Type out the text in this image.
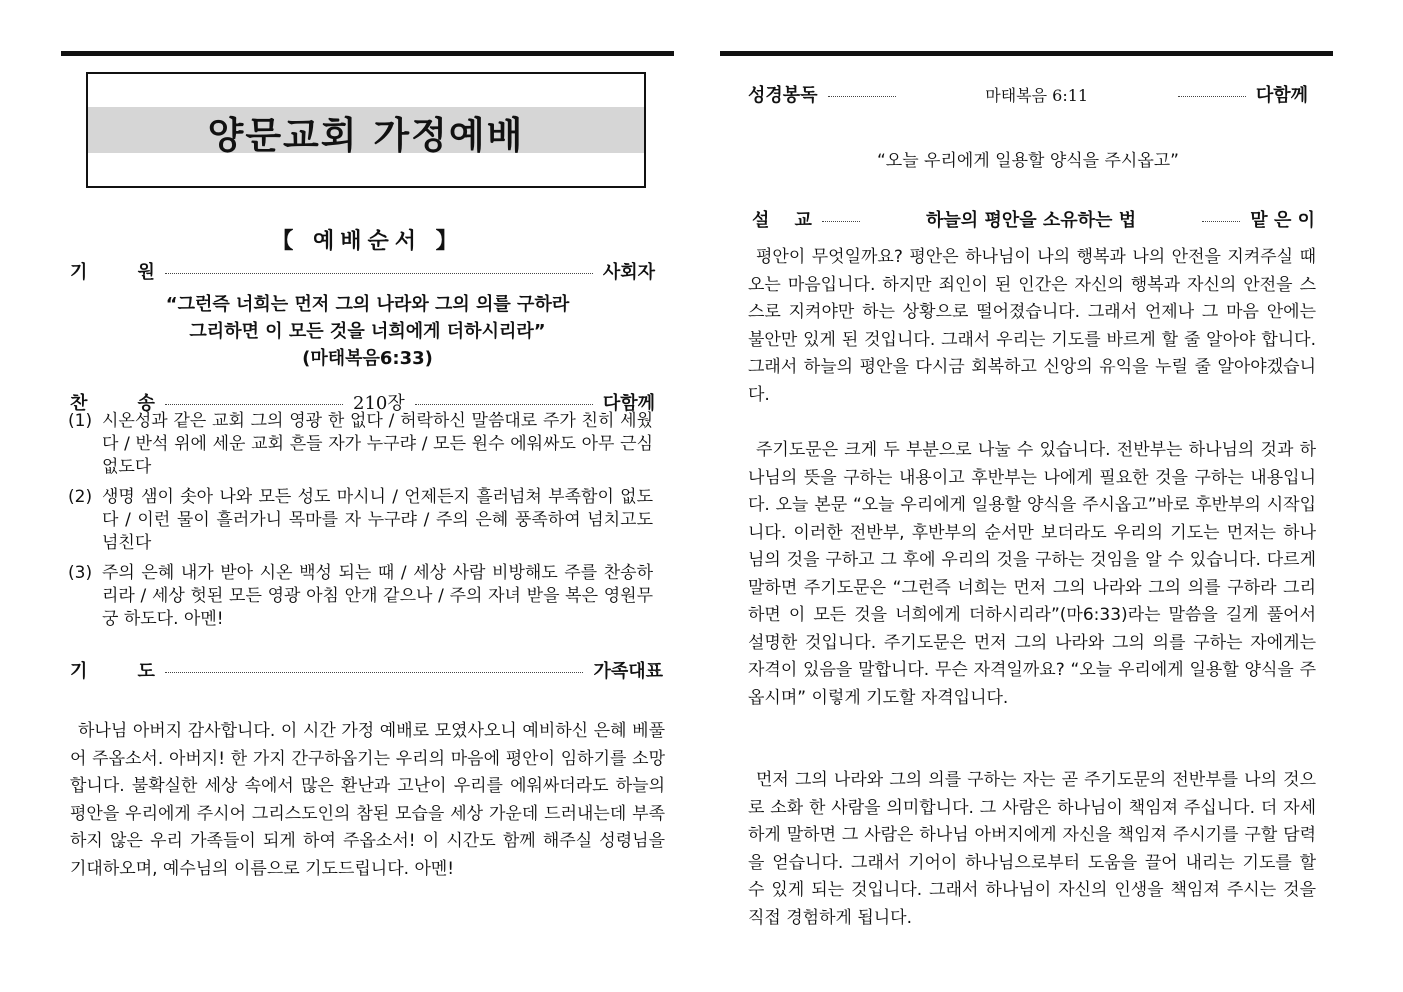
양문교회 가정예배
【 예배순서 】
기        원	사회자
“그런즉 너희는 먼저 그의 나라와 그의 의를 구하라
그리하면 이 모든 것을 너희에게 더하시리라”
(마태복음6:33)
찬        송	210장	다함께
(1) 시온성과 같은 교회 그의 영광 한 없다 / 허락하신 말씀대로 주가 친히 세웠다 / 반석 위에 세운 교회 흔들 자가 누구랴 / 모든 원수 에워싸도 아무 근심 없도다
(2) 생명 샘이 솟아 나와 모든 성도 마시니 / 언제든지 흘러넘쳐 부족함이 없도다 / 이런 물이 흘러가니 목마를 자 누구랴 / 주의 은혜 풍족하여 넘치고도 넘친다
(3) 주의 은혜 내가 받아 시온 백성 되는 때 / 세상 사람 비방해도 주를 찬송하리라 / 세상 헛된 모든 영광 아침 안개 같으나 / 주의 자녀 받을 복은 영원무궁 하도다. 아멘!
기        도	가족대표
하나님 아버지 감사합니다. 이 시간 가정 예배로 모였사오니 예비하신 은혜 베풀어 주옵소서. 아버지! 한 가지 간구하옵기는 우리의 마음에 평안이 임하기를 소망합니다. 불확실한 세상 속에서 많은 환난과 고난이 우리를 에워싸더라도 하늘의 평안을 우리에게 주시어 그리스도인의 참된 모습을 세상 가운데 드러내는데 부족하지 않은 우리 가족들이 되게 하여 주옵소서! 이 시간도 함께 해주실 성령님을 기대하오며, 예수님의 이름으로 기도드립니다. 아멘!
성경봉독	마태복음 6:11	다함께
“오늘 우리에게 일용할 양식을 주시옵고”
설    교	하늘의 평안을 소유하는 법	맡 은 이
평안이 무엇일까요? 평안은 하나님이 나의 행복과 나의 안전을 지켜주실 때 오는 마음입니다. 하지만 죄인이 된 인간은 자신의 행복과 자신의 안전을 스스로 지켜야만 하는 상황으로 떨어졌습니다. 그래서 언제나 그 마음 안에는 불안만 있게 된 것입니다. 그래서 우리는 기도를 바르게 할 줄 알아야 합니다. 그래서 하늘의 평안을 다시금 회복하고 신앙의 유익을 누릴 줄 알아야겠습니다.
주기도문은 크게 두 부분으로 나눌 수 있습니다. 전반부는 하나님의 것과 하나님의 뜻을 구하는 내용이고 후반부는 나에게 필요한 것을 구하는 내용입니다. 오늘 본문 “오늘 우리에게 일용할 양식을 주시옵고”바로 후반부의 시작입니다. 이러한 전반부, 후반부의 순서만 보더라도 우리의 기도는 먼저는 하나님의 것을 구하고 그 후에 우리의 것을 구하는 것임을 알 수 있습니다. 다르게 말하면 주기도문은 “그런즉 너희는 먼저 그의 나라와 그의 의를 구하라 그리하면 이 모든 것을 너희에게 더하시리라”(마6:33)라는 말씀을 길게 풀어서 설명한 것입니다. 주기도문은 먼저 그의 나라와 그의 의를 구하는 자에게는 자격이 있음을 말합니다. 무슨 자격일까요? “오늘 우리에게 일용할 양식을 주옵시며” 이렇게 기도할 자격입니다.
먼저 그의 나라와 그의 의를 구하는 자는 곧 주기도문의 전반부를 나의 것으로 소화 한 사람을 의미합니다. 그 사람은 하나님이 책임져 주십니다. 더 자세하게 말하면 그 사람은 하나님 아버지에게 자신을 책임져 주시기를 구할 담력을 얻습니다. 그래서 기어이 하나님으로부터 도움을 끌어 내리는 기도를 할 수 있게 되는 것입니다. 그래서 하나님이 자신의 인생을 책임져 주시는 것을 직접 경험하게 됩니다.
